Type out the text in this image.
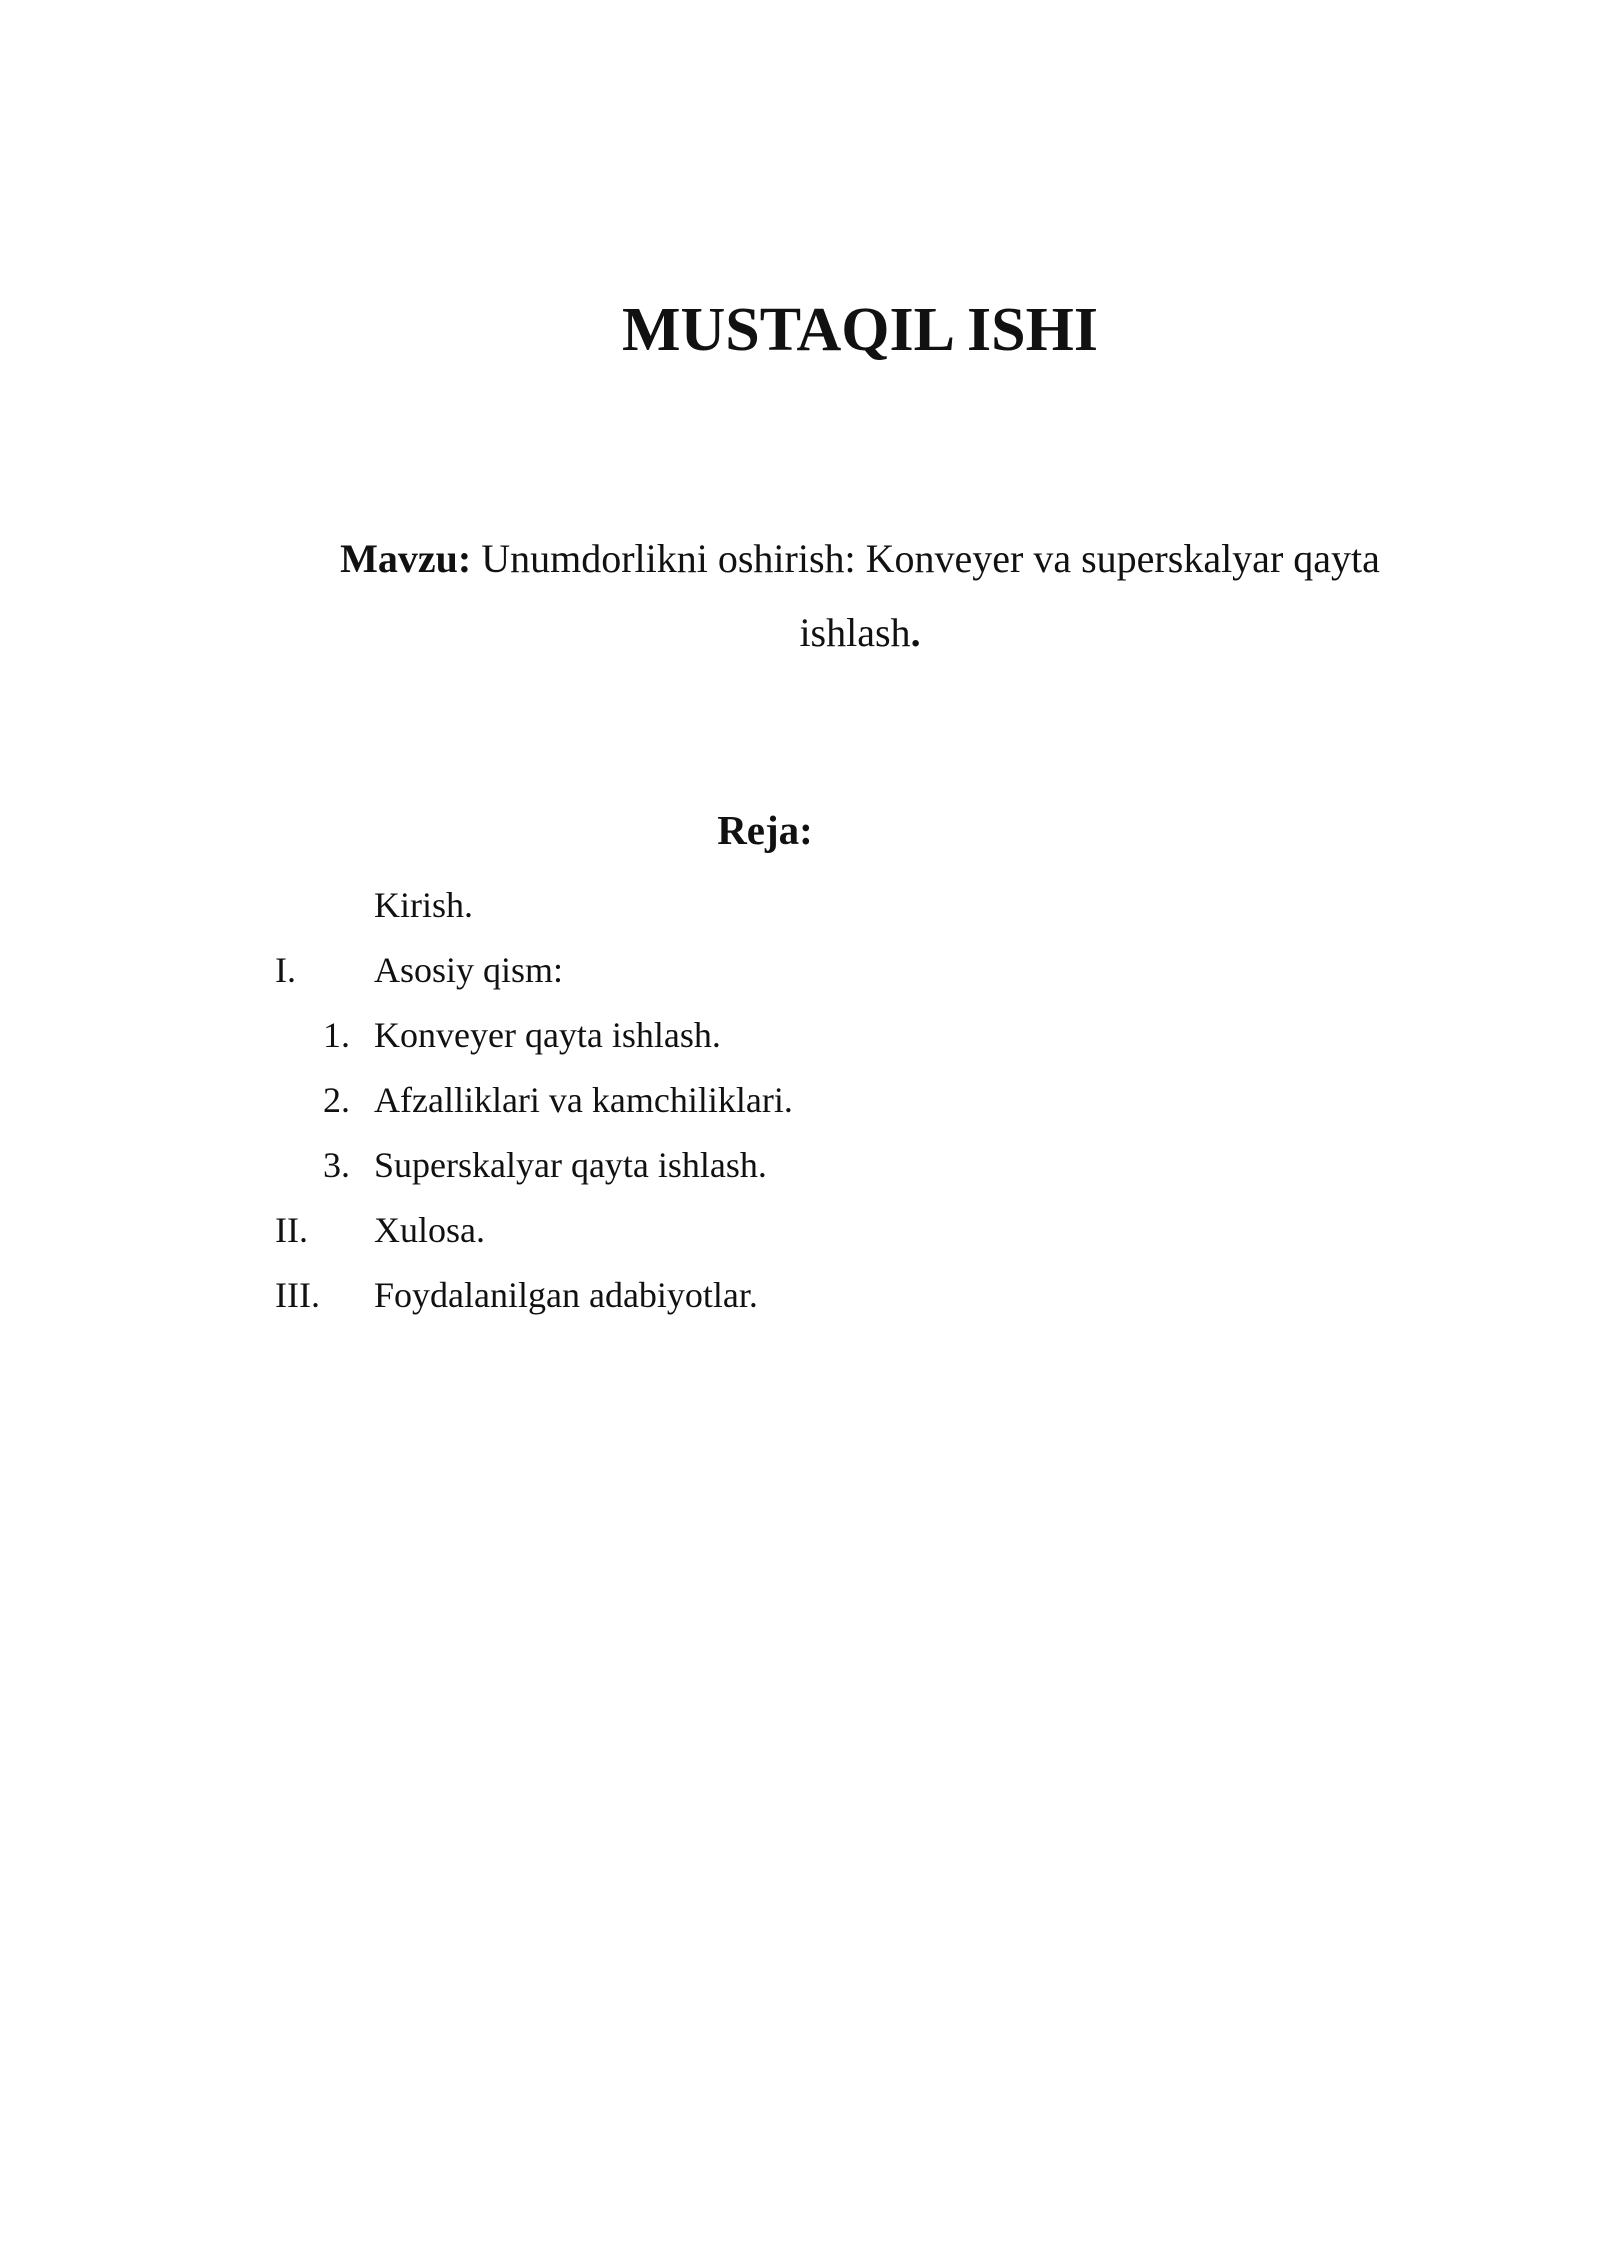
MUSTAQIL ISHI
Mavzu: Unumdorlikni oshirish: Konveyer va superskalyar qayta ishlash.
Reja:
Kirish.
I. Asosiy qism:
1. Konveyer qayta ishlash.
2. Afzalliklari va kamchiliklari.
3. Superskalyar qayta ishlash.
II. Xulosa.
III. Foydalanilgan adabiyotlar.
